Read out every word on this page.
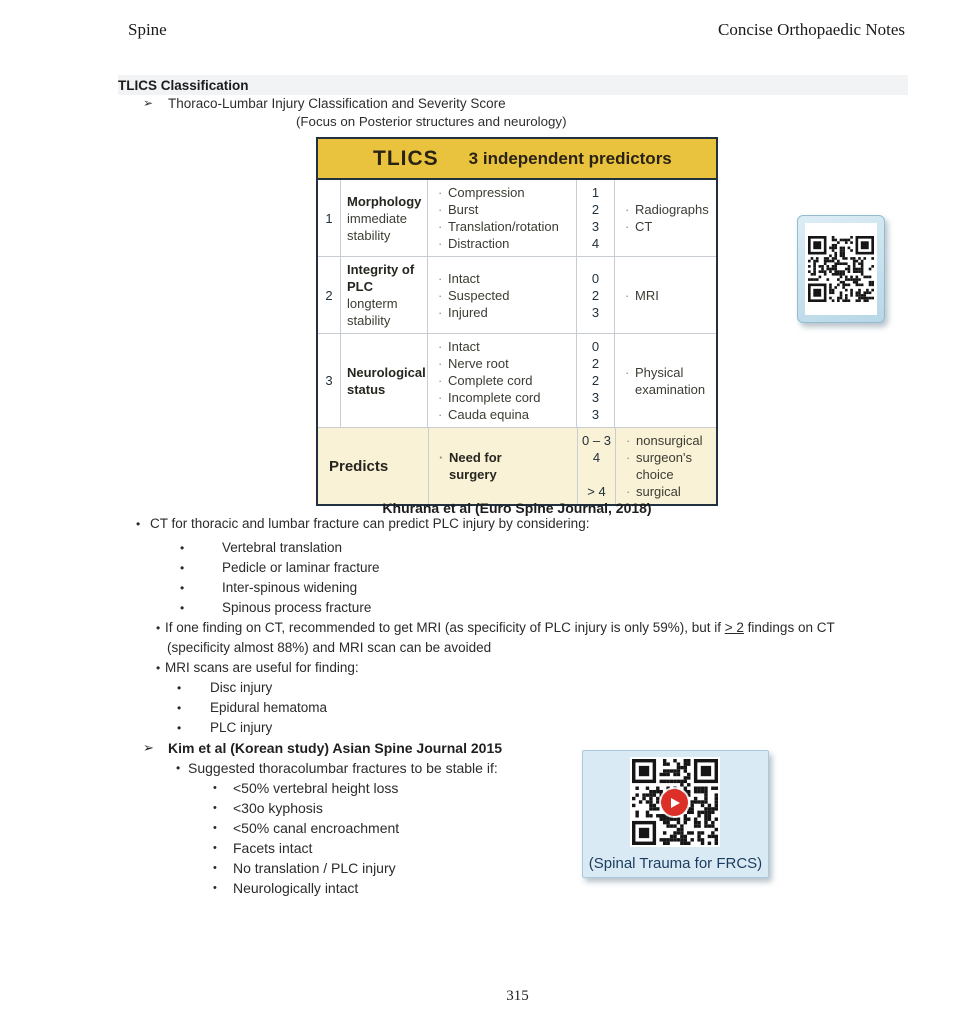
Spine	Concise Orthopaedic Notes
TLICS Classification
➢ Thoraco-Lumbar Injury Classification and Severity Score
(Focus on Posterior structures and neurology)
TLICS 3 independent predictors
1
Morphology
immediate stability
· Compression
· Burst
· Translation/rotation
· Distraction
1
2
3
4
· Radiographs
· CT
2
Integrity of PLC
longterm stability
· Intact
· Suspected
· Injured
0
2
3
· MRI
3
Neurological status
· Intact
· Nerve root
· Complete cord
· Incomplete cord
· Cauda equina
0
2
2
3
3
· Physical examination
Predicts	· Need for surgery
0 – 3
4
> 4
· nonsurgical
· surgeon's choice
· surgical
Khurana et al (Euro Spine Journal, 2018)
• CT for thoracic and lumbar fracture can predict PLC injury by considering:
• Vertebral translation
• Pedicle or laminar fracture
• Inter-spinous widening
• Spinous process fracture
• If one finding on CT, recommended to get MRI (as specificity of PLC injury is only 59%), but if > 2 findings on CT
(specificity almost 88%) and MRI scan can be avoided
• MRI scans are useful for finding:
• Disc injury
• Epidural hematoma
• PLC injury
➢ Kim et al (Korean study) Asian Spine Journal 2015
• Suggested thoracolumbar fractures to be stable if:
• <50% vertebral height loss
• <30o kyphosis
• <50% canal encroachment
• Facets intact
• No translation / PLC injury
• Neurologically intact
(Spinal Trauma for FRCS)
315
